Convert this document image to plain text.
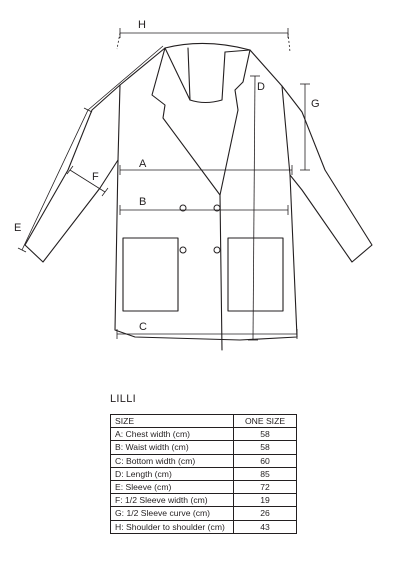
H
D
G
A
F
B
E
C
LILLI
SIZE	ONE SIZE
A: Chest width (cm)	58
B: Waist width (cm)	58
C: Bottom width (cm)	60
D: Length (cm)	85
E: Sleeve (cm)	72
F: 1/2 Sleeve width (cm)	19
G: 1/2 Sleeve curve (cm)	26
H: Shoulder to shoulder (cm)	43
